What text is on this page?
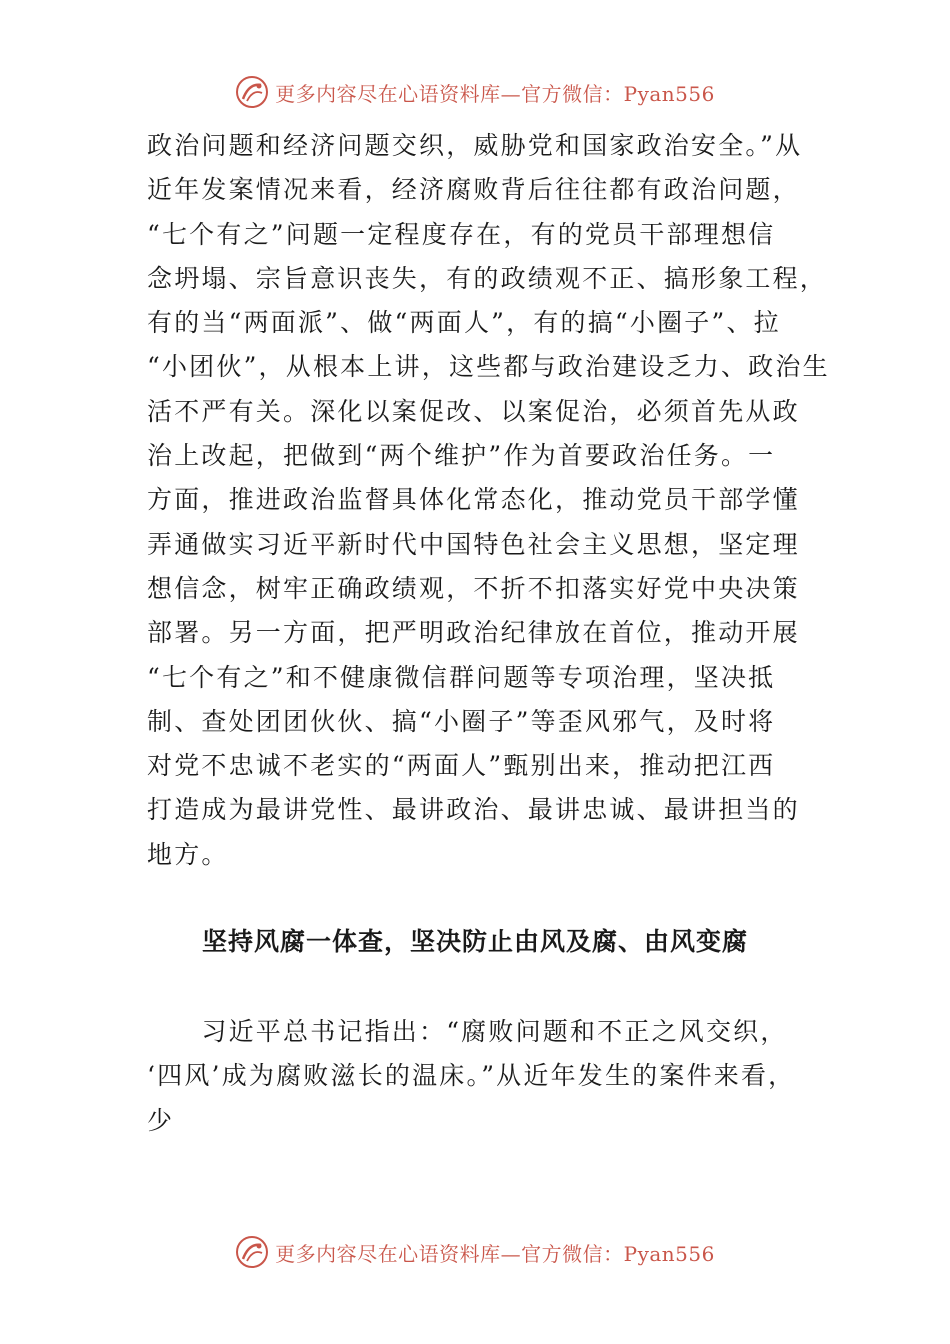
更多内容尽在心语资料库—官方微信：Pyan556

政治问题和经济问题交织，威胁党和国家政治安全。”从
近年发案情况来看，经济腐败背后往往都有政治问题，
“七个有之”问题一定程度存在，有的党员干部理想信
念坍塌、宗旨意识丧失，有的政绩观不正、搞形象工程，
有的当“两面派”、做“两面人”，有的搞“小圈子”、拉
“小团伙”，从根本上讲，这些都与政治建设乏力、政治生
活不严有关。深化以案促改、以案促治，必须首先从政
治上改起，把做到“两个维护”作为首要政治任务。一
方面，推进政治监督具体化常态化，推动党员干部学懂
弄通做实习近平新时代中国特色社会主义思想，坚定理
想信念，树牢正确政绩观，不折不扣落实好党中央决策
部署。另一方面，把严明政治纪律放在首位，推动开展
“七个有之”和不健康微信群问题等专项治理，坚决抵
制、查处团团伙伙、搞“小圈子”等歪风邪气，及时将
对党不忠诚不老实的“两面人”甄别出来，推动把江西
打造成为最讲党性、最讲政治、最讲忠诚、最讲担当的
地方。

坚持风腐一体查，坚决防止由风及腐、由风变腐
　　习近平总书记指出：“腐败问题和不正之风交织，
‘四风’成为腐败滋长的温床。”从近年发生的案件来看，
少
更多内容尽在心语资料库—官方微信：Pyan556
